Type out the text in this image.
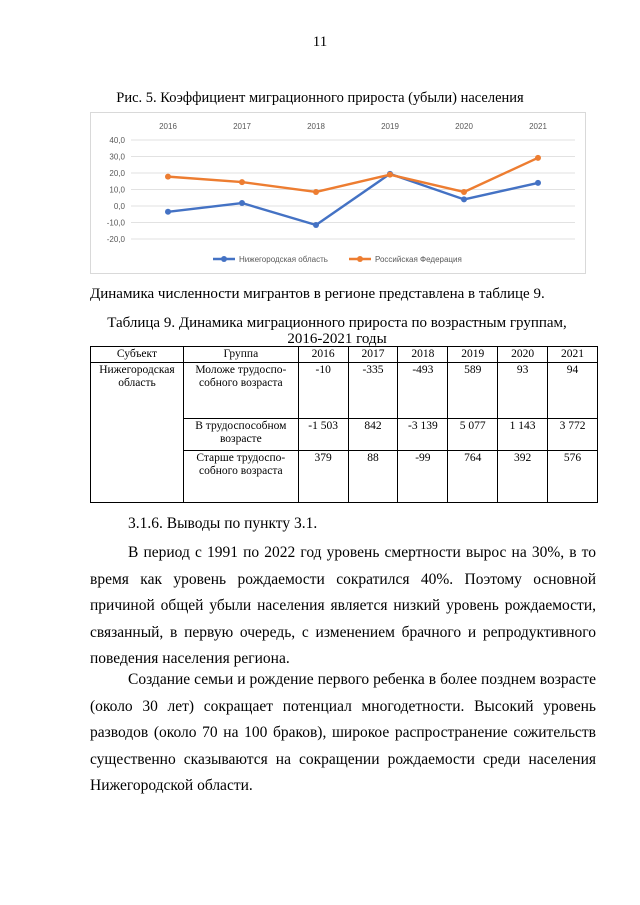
11
Рис. 5. Коэффициент миграционного прироста (убыли) населения
40,0
30,0
20,0
10,0
0,0
-10,0
-20,0
2016	2017	2018	2019	2020	2021
Нижегородская область	Российская Федерация
Динамика численности мигрантов в регионе представлена в таблице 9.
Таблица 9. Динамика миграционного прироста по возрастным группам,
2016-2021 годы
Субъект	Группа	2016	2017	2018	2019	2020	2021
Нижегородская область	Моложе трудоспо-собного возраста	-10	-335	-493	589	93	94
	В трудоспособном возрасте	-1 503	842	-3 139	5 077	1 143	3 772
	Старше трудоспо-собного возраста	379	88	-99	764	392	576
3.1.6. Выводы по пункту 3.1.

В период с 1991 по 2022 год уровень смертности вырос на 30%, в то время как уровень рождаемости сократился 40%. Поэтому основной причиной общей убыли населения является низкий уровень рождаемости, связанный, в первую очередь, с изменением брачного и репродуктивного поведения населения региона.

Создание семьи и рождение первого ребенка в более позднем возрасте (около 30 лет) сокращает потенциал многодетности. Высокий уровень разводов (около 70 на 100 браков), широкое распространение сожительств существенно сказываются на сокращении рождаемости среди населения Нижегородской области.
